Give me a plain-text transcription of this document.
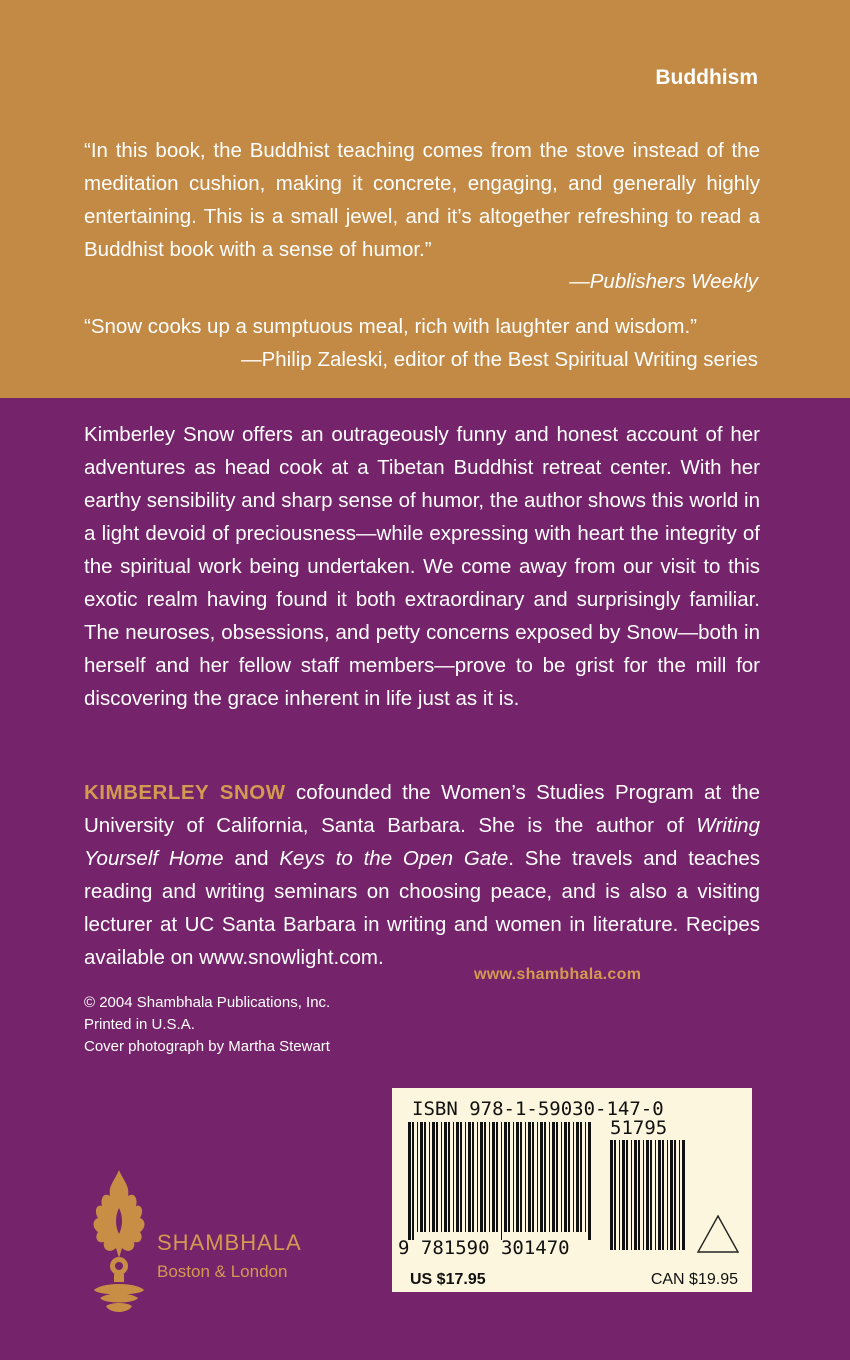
Buddhism

“In this book, the Buddhist teaching comes from the stove instead of the meditation cushion, making it concrete, engaging, and generally highly entertaining. This is a small jewel, and it’s altogether refreshing to read a Buddhist book with a sense of humor.”

—Publishers Weekly

“Snow cooks up a sumptuous meal, rich with laughter and wisdom.”

—Philip Zaleski, editor of the Best Spiritual Writing series

Kimberley Snow offers an outrageously funny and honest account of her adventures as head cook at a Tibetan Buddhist retreat center. With her earthy sensibility and sharp sense of humor, the author shows this world in a light devoid of preciousness—while expressing with heart the integrity of the spiritual work being undertaken. We come away from our visit to this exotic realm having found it both extraordinary and surprisingly familiar. The neuroses, obsessions, and petty concerns exposed by Snow—both in herself and her fellow staff members—prove to be grist for the mill for discovering the grace inherent in life just as it is.

KIMBERLEY SNOW cofounded the Women’s Studies Program at the University of California, Santa Barbara. She is the author of Writing Yourself Home and Keys to the Open Gate. She travels and teaches reading and writing seminars on choosing peace, and is also a visiting lecturer at UC Santa Barbara in writing and women in literature. Recipes available on www.snowlight.com.

© 2004 Shambhala Publications, Inc.
Printed in U.S.A.
Cover photograph by Martha Stewart
www.shambhala.com
ISBN 978-1-59030-147-0
51795
9 781590 301470
US $17.95	CAN $19.95
SHAMBHALA
Boston & London
